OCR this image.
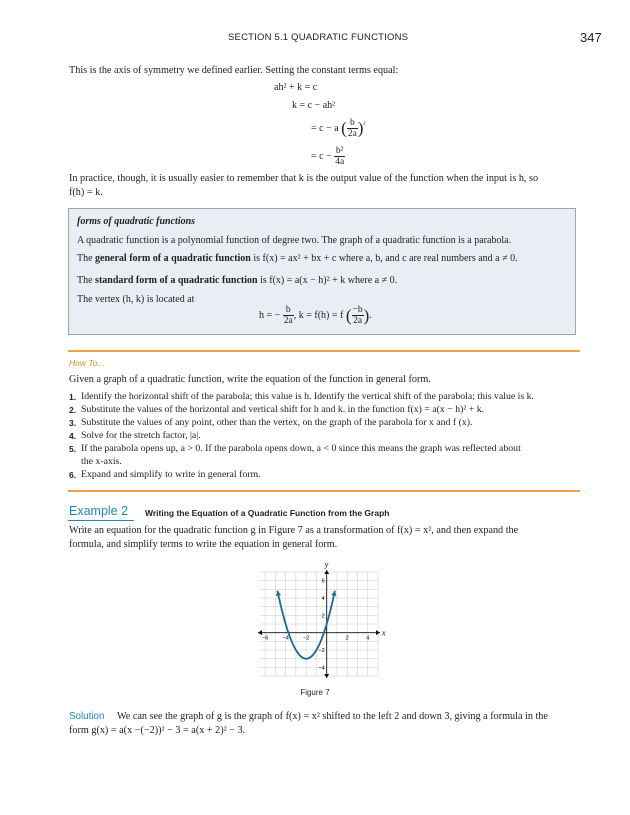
SECTION 5.1 QUADRATIC FUNCTIONS	347

This is the axis of symmetry we defined earlier. Setting the constant terms equal:

ah² + k = c
k = c − ah²
= c − a ( $\frac{b}{2a} )^{^2}$
= $c - \frac{\text{b²}}{4a}$

In practice, though, it is usually easier to remember that k is the output value of the function when the input is h, so

f(h) = k.

forms of quadratic functions
A quadratic function is a polynomial function of degree two. The graph of a quadratic function is a parabola.
The general form of a quadratic function is f(x) = ax² + bx + c where a, b, and c are real numbers and a ≠ 0.
The standard form of a quadratic function is f(x) = a(x − h)² + k where a ≠ 0.
The vertex (h, k) is located at
h = − $\frac{b}{2a}$ , k = f(h) = f ( $\frac{-b}{2a}$ ).
How To...

Given a graph of a quadratic function, write the equation of the function in general form.

1. Identify the horizontal shift of the parabola; this value is h. Identify the vertical shift of the parabola; this value is k.
2. Substitute the values of the horizontal and vertical shift for h and k. in the function f(x) = a(x − h)² + k.
3. Substitute the values of any point, other than the vertex, on the graph of the parabola for x and f (x).
4. Solve for the stretch factor, |a|.
5. If the parabola opens up, a > 0. If the parabola opens down, a < 0 since this means the graph was reflected about
the x-axis.
6. Expand and simplify to write in general form.
Example 2 Writing the Equation of a Quadratic Function from the Graph

Write an equation for the quadratic function g in Figure 7 as a transformation of f(x) = x², and then expand the

formula, and simplify terms to write the equation in general form.

x
y
−6	−4	−2	2	4
6
4
2
−2
−4
Figure 7
Solution We can see the graph of g is the graph of f(x) = x² shifted to the left 2 and down 3, giving a formula in the

form g(x) = a(x −(−2))² − 3 = a(x + 2)² − 3.
